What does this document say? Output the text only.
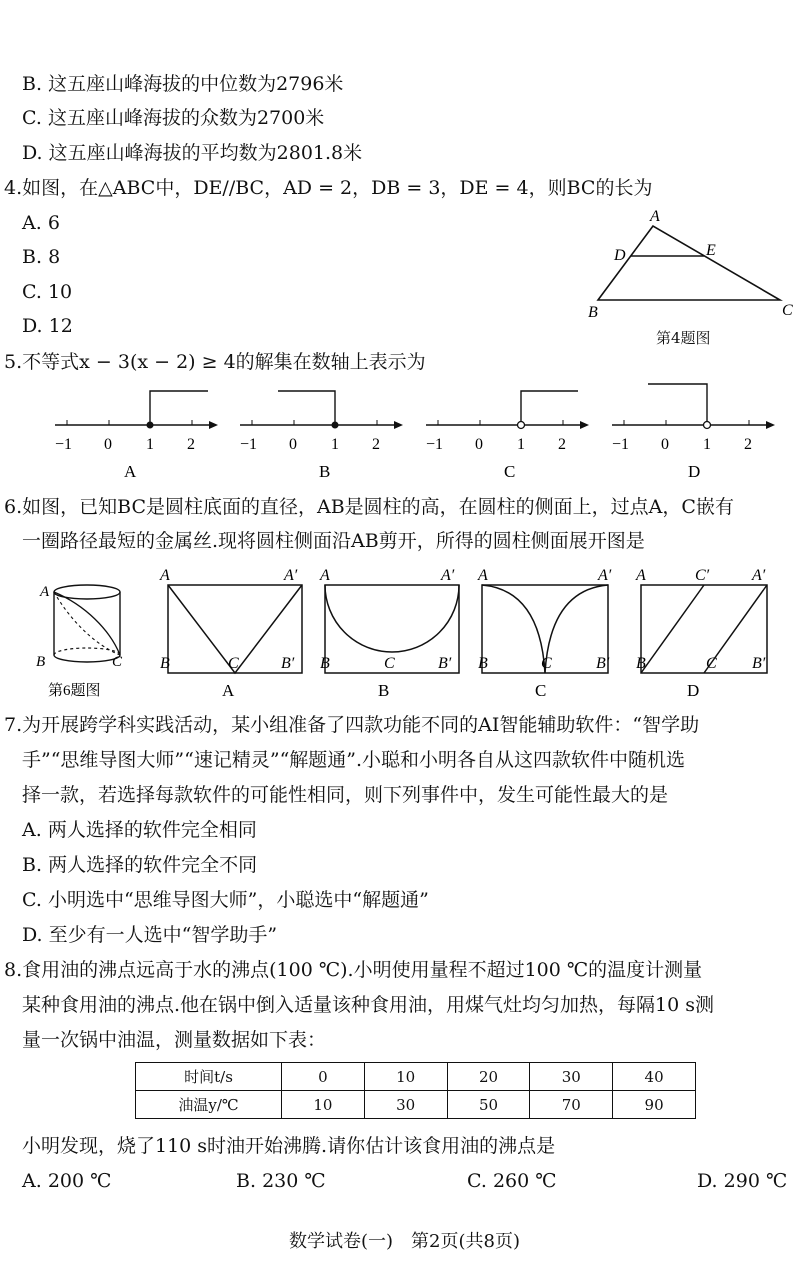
B. 这五座山峰海拔的中位数为2796米
C. 这五座山峰海拔的众数为2700米
D. 这五座山峰海拔的平均数为2801.8米
4.如图，在△ABC中，DE//BC，AD = 2，DB = 3，DE = 4，则BC的长为
A. 6
B. 8
C. 10
D. 12
A
D	E
B	C
第4题图
5.不等式x − 3(x − 2) ≥ 4的解集在数轴上表示为
−1 0 1 2
A
−1 0 1 2
B
−1 0 1 2
C
−1 0 1 2
D
6.如图，已知BC是圆柱底面的直径，AB是圆柱的高，在圆柱的侧面上，过点A，C嵌有
一圈路径最短的金属丝.现将圆柱侧面沿AB剪开，所得的圆柱侧面展开图是
A
B	C
A	A′
B	C	B′
A	A′
B	C	B′
A	A′
B	C	B′
A	C′	A′
B	C B′
第6题图	A	B	C	D
7.为开展跨学科实践活动，某小组准备了四款功能不同的AI智能辅助软件：“智学助
手”“思维导图大师”“速记精灵”“解题通”.小聪和小明各自从这四款软件中随机选
择一款，若选择每款软件的可能性相同，则下列事件中，发生可能性最大的是
A. 两人选择的软件完全相同
B. 两人选择的软件完全不同
C. 小明选中“思维导图大师”，小聪选中“解题通”
D. 至少有一人选中“智学助手”
8.食用油的沸点远高于水的沸点(100 ℃).小明使用量程不超过100 ℃的温度计测量
某种食用油的沸点.他在锅中倒入适量该种食用油，用煤气灶均匀加热，每隔10 s测
量一次锅中油温，测量数据如下表：
时间t/s	0	10	20	30	40
油温y/℃	10	30	50	70	90
小明发现，烧了110 s时油开始沸腾.请你估计该食用油的沸点是
A. 200 ℃	B. 230 ℃	C. 260 ℃	D. 290 ℃
数学试卷(一)　第2页(共8页)
